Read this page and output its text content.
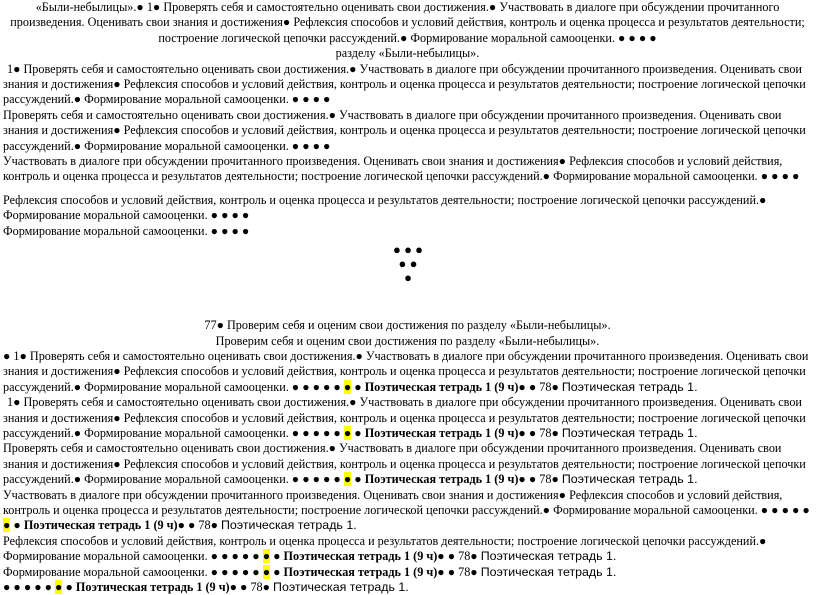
«Были-небылицы».● 1● Проверять себя и самостоятельно оценивать свои достижения.● Участвовать в диалоге при обсуждении прочитанного произведения. Оценивать свои знания и достижения● Рефлексия способов и условий действия, контроль и оценка процесса и результатов деятельности; построение логической цепочки рассуждений.● Формирование моральной самооценки. ● ● ● ●

разделу «Были-небылицы».

1● Проверять себя и самостоятельно оценивать свои достижения.● Участвовать в диалоге при обсуждении прочитанного произведения. Оценивать свои знания и достижения● Рефлексия способов и условий действия, контроль и оценка процесса и результатов деятельности; построение логической цепочки рассуждений.● Формирование моральной самооценки. ● ● ● ●

Проверять себя и самостоятельно оценивать свои достижения.● Участвовать в диалоге при обсуждении прочитанного произведения. Оценивать свои знания и достижения● Рефлексия способов и условий действия, контроль и оценка процесса и результатов деятельности; построение логической цепочки рассуждений.● Формирование моральной самооценки. ● ● ● ●

Участвовать в диалоге при обсуждении прочитанного произведения. Оценивать свои знания и достижения● Рефлексия способов и условий действия, контроль и оценка процесса и результатов деятельности; построение логической цепочки рассуждений.● Формирование моральной самооценки. ● ● ● ●

Рефлексия способов и условий действия, контроль и оценка процесса и результатов деятельности; построение логической цепочки рассуждений.● Формирование моральной самооценки. ● ● ● ●

Формирование моральной самооценки. ● ● ● ●

● ● ●
● ●
●

77● Проверим себя и оценим свои достижения по разделу «Были-небылицы».

Проверим себя и оценим свои достижения по разделу «Были-небылицы».

● 1● Проверять себя и самостоятельно оценивать свои достижения.● Участвовать в диалоге при обсуждении прочитанного произведения. Оценивать свои знания и достижения● Рефлексия способов и условий действия, контроль и оценка процесса и результатов деятельности; построение логической цепочки рассуждений.● Формирование моральной самооценки. ● ● ● ● ● ● ● Поэтическая тетрадь 1 (9 ч)● ● 78● Поэтическая тетрадь 1.

1● Проверять себя и самостоятельно оценивать свои достижения.● Участвовать в диалоге при обсуждении прочитанного произведения. Оценивать свои знания и достижения● Рефлексия способов и условий действия, контроль и оценка процесса и результатов деятельности; построение логической цепочки рассуждений.● Формирование моральной самооценки. ● ● ● ● ● ● ● Поэтическая тетрадь 1 (9 ч)● ● 78● Поэтическая тетрадь 1.

Проверять себя и самостоятельно оценивать свои достижения.● Участвовать в диалоге при обсуждении прочитанного произведения. Оценивать свои знания и достижения● Рефлексия способов и условий действия, контроль и оценка процесса и результатов деятельности; построение логической цепочки рассуждений.● Формирование моральной самооценки. ● ● ● ● ● ● ● Поэтическая тетрадь 1 (9 ч)● ● 78● Поэтическая тетрадь 1.

Участвовать в диалоге при обсуждении прочитанного произведения. Оценивать свои знания и достижения● Рефлексия способов и условий действия, контроль и оценка процесса и результатов деятельности; построение логической цепочки рассуждений.● Формирование моральной самооценки. ● ● ● ● ● ● ● Поэтическая тетрадь 1 (9 ч)● ● 78● Поэтическая тетрадь 1.

Рефлексия способов и условий действия, контроль и оценка процесса и результатов деятельности; построение логической цепочки рассуждений.● Формирование моральной самооценки. ● ● ● ● ● ● ● Поэтическая тетрадь 1 (9 ч)● ● 78● Поэтическая тетрадь 1.

Формирование моральной самооценки. ● ● ● ● ● ● ● Поэтическая тетрадь 1 (9 ч)● ● 78● Поэтическая тетрадь 1.

● ● ● ● ● ● ● Поэтическая тетрадь 1 (9 ч)● ● 78● Поэтическая тетрадь 1.
